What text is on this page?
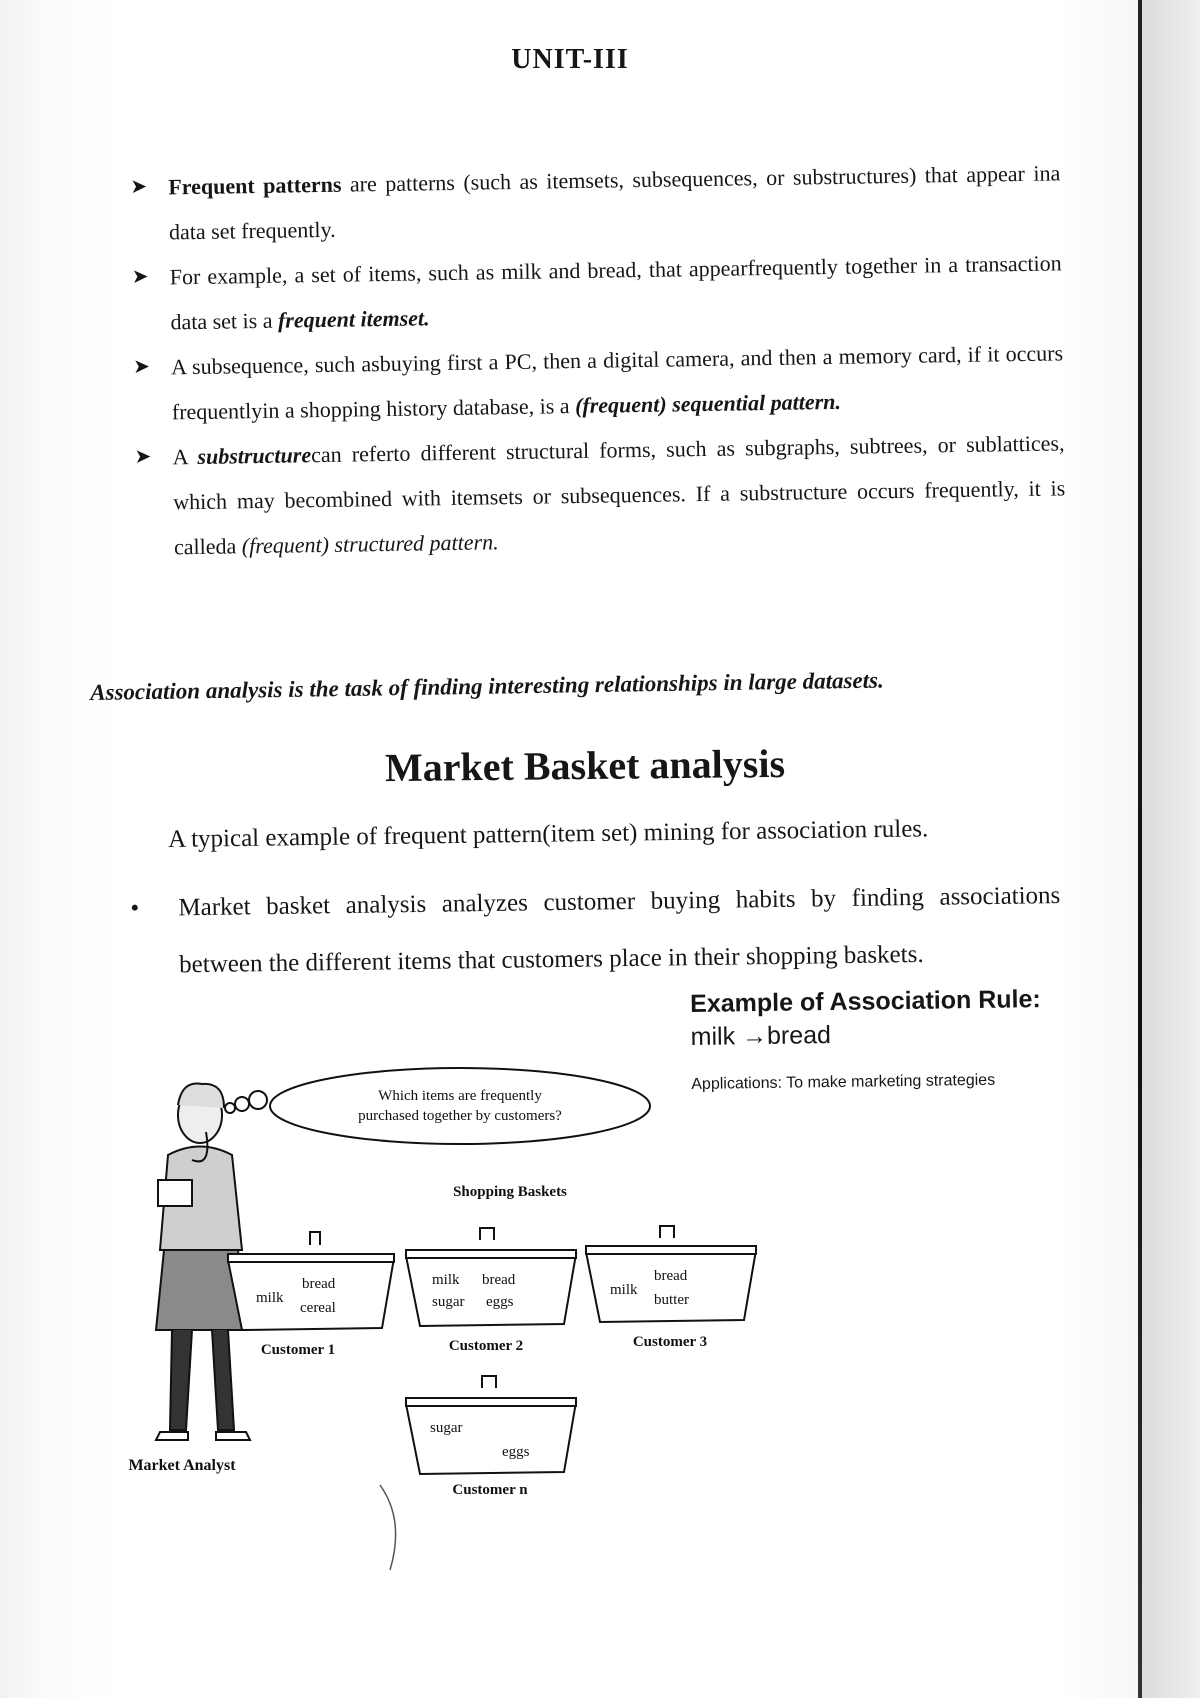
UNIT-III
➤ Frequent patterns are patterns (such as itemsets, subsequences, or substructures) that appear ina data set frequently.
➤ For example, a set of items, such as milk and bread, that appearfrequently together in a transaction data set is a frequent itemset.
➤ A subsequence, such asbuying first a PC, then a digital camera, and then a memory card, if it occurs frequentlyin a shopping history database, is a (frequent) sequential pattern.
➤ A substructurecan referto different structural forms, such as subgraphs, subtrees, or sublattices, which may becombined with itemsets or subsequences. If a substructure occurs frequently, it is calleda (frequent) structured pattern.
Association analysis is the task of finding interesting relationships in large datasets.
Market Basket analysis
A typical example of frequent pattern(item set) mining for association rules.
•	Market basket analysis analyzes customer buying habits by finding associations between the different items that customers place in their shopping baskets.
Example of Association Rule:
milk →bread
Applications: To make marketing strategies
Which items are frequently
purchased together by customers?
Market Analyst
Shopping Baskets
milk
bread
cereal
Customer 1
milk bread
sugar eggs
Customer 2
milk
bread
butter
Customer 3
sugar
eggs
Customer n
